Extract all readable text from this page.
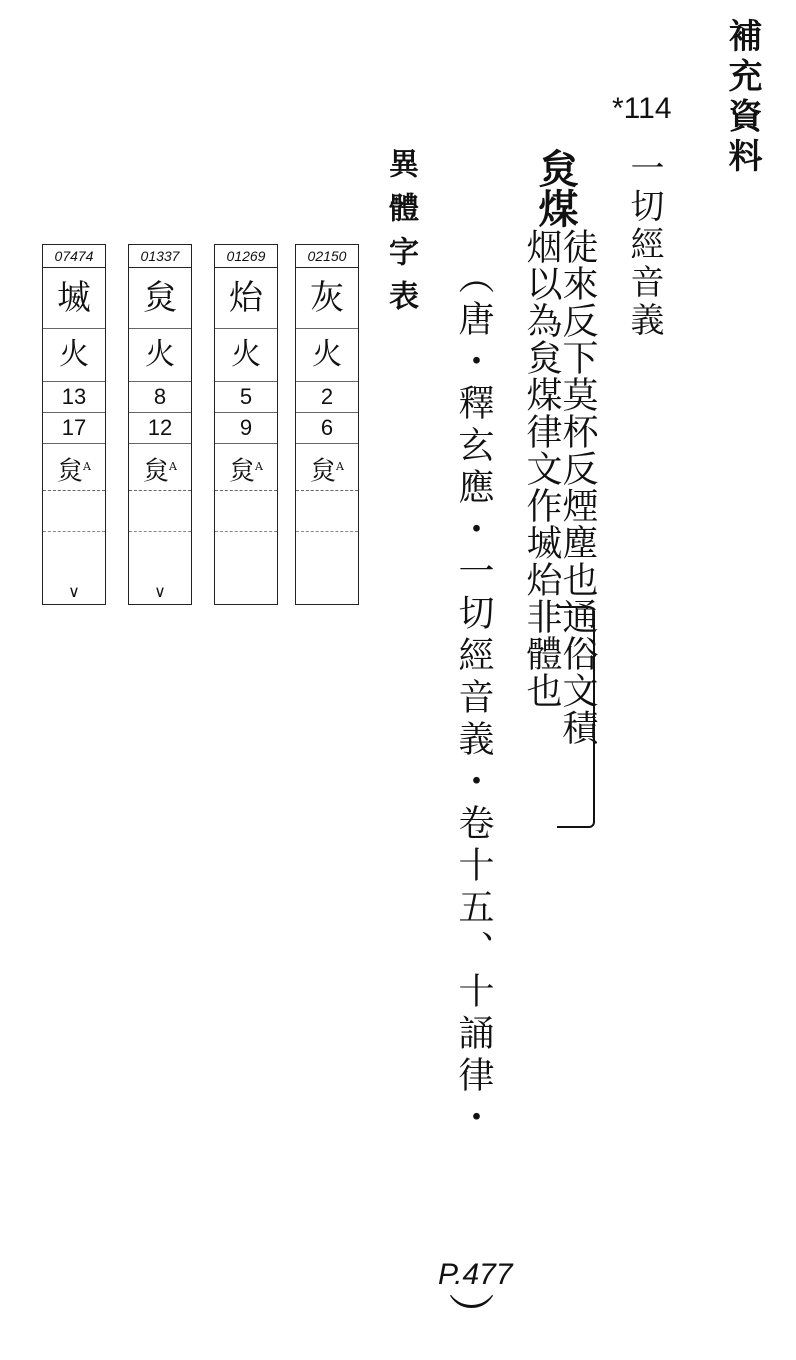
補充資料
*114
一切經音義
炱煤
徒來反下莫杯反煙塵也通俗文積
烟以為炱煤律文作㙎炲非體也
（唐・釋玄應・一切經音義・卷十五、十誦律・
P.477
）
異體字表
07474
㙎
火
13
17
炱$^A$
∨
01337
炱
火
8
12
炱$^A$
∨
01269
炲
火
5
9
炱$^A$
02150
灰
火
2
6
炱$^A$
